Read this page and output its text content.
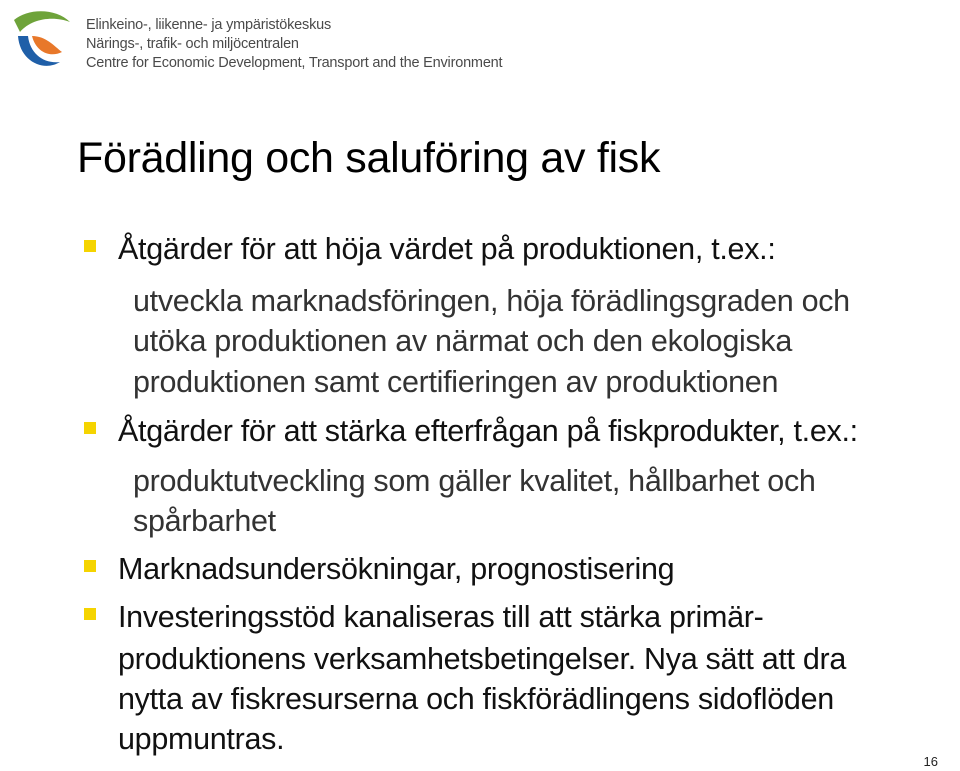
Elinkeino-, liikenne- ja ympäristökeskus
Närings-, trafik- och miljöcentralen
Centre for Economic Development, Transport and the Environment
Förädling och saluföring av fisk
Åtgärder för att höja värdet på produktionen, t.ex.:
utveckla marknadsföringen, höja förädlingsgraden och
utöka produktionen av närmat och den ekologiska
produktionen samt certifieringen av produktionen
Åtgärder för att stärka efterfrågan på fiskprodukter, t.ex.:
produktutveckling som gäller kvalitet, hållbarhet och
spårbarhet
Marknadsundersökningar, prognostisering
Investeringsstöd kanaliseras till att stärka primär-
produktionens verksamhetsbetingelser. Nya sätt att dra
nytta av fiskresurserna och fiskförädlingens sidoflöden
uppmuntras.
16
